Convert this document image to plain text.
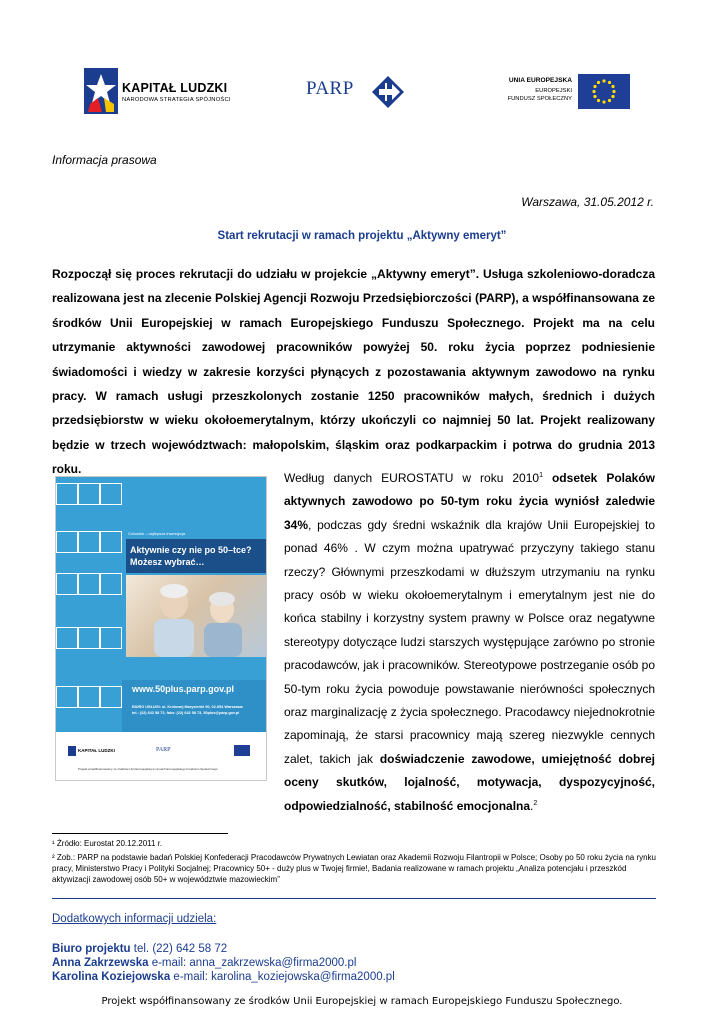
KAPITAŁ LUDZKI
NARODOWA STRATEGIA SPÓJNOŚCI
PARP	UNIA EUROPEJSKA
EUROPEJSKI
FUNDUSZ SPOŁECZNY
Informacja prasowa
Warszawa, 31.05.2012 r.
Start rekrutacji w ramach projektu „Aktywny emeryt”
Rozpoczął się proces rekrutacji do udziału w projekcie „Aktywny emeryt”. Usługa szkoleniowo-doradcza realizowana jest na zlecenie Polskiej Agencji Rozwoju Przedsiębiorczości (PARP), a współfinansowana ze środków Unii Europejskiej w ramach Europejskiego Funduszu Społecznego. Projekt ma na celu utrzymanie aktywności zawodowej pracowników powyżej 50. roku życia poprzez podniesienie świadomości i wiedzy w zakresie korzyści płynących z pozostawania aktywnym zawodowo na rynku pracy. W ramach usługi przeszkolonych zostanie 1250 pracowników małych, średnich i dużych przedsiębiorstw w wieku okołoemerytalnym, którzy ukończyli co najmniej 50 lat. Projekt realizowany będzie w trzech województwach: małopolskim, śląskim oraz podkarpackim i potrwa do grudnia 2013 roku.
Człowiek – najlepsza inwestycja
Aktywnie czy nie po 50–tce?
Możesz wybrać…
www.50plus.parp.gov.pl
BIURO USŁUGI: ul. Królowej Marysieńki 90, 02-954 Warszawa
tel.: (22) 642 58 72, faks: (22) 642 58 73, 50plus@parp.gov.pl
KAPITAŁ LUDZKI	PARP
Projekt współfinansowany ze środków Unii Europejskiej w ramach Europejskiego Funduszu Społecznego
Według danych EUROSTATU w roku 2010$^1$ odsetek Polaków aktywnych zawodowo po 50-tym roku życia wyniósł zaledwie 34%, podczas gdy średni wskaźnik dla krajów Unii Europejskiej to ponad 46% . W czym można upatrywać przyczyny takiego stanu rzeczy? Głównymi przeszkodami w dłuższym utrzymaniu na rynku pracy osób w wieku okołoemerytalnym i emerytalnym jest nie do końca stabilny i korzystny system prawny w Polsce oraz negatywne stereotypy dotyczące ludzi starszych występujące zarówno po stronie pracodawców, jak i pracowników. Stereotypowe postrzeganie osób po 50-tym roku życia powoduje powstawanie nierówności społecznych oraz marginalizację z życia społecznego. Pracodawcy niejednokrotnie zapominają, że starsi pracownicy mają szereg niezwykle cennych zalet, takich jak doświadczenie zawodowe, umiejętność dobrej oceny skutków, lojalność, motywacja, dyspozycyjność, odpowiedzialność, stabilność emocjonalna.$^2$
¹ Źródło: Eurostat 20.12.2011 r.
² Zob.: PARP na podstawie badań Polskiej Konfederacji Pracodawców Prywatnych Lewiatan oraz Akademii Rozwoju Filantropii w Polsce; Osoby po 50 roku życia na rynku pracy, Ministerstwo Pracy i Polityki Socjalnej; Pracownicy 50+ - duży plus w Twojej firmie!, Badania realizowane w ramach projektu „Analiza potencjału i przeszkód aktywizacji zawodowej osób 50+ w województwie mazowieckim”
Dodatkowych informacji udziela:
Biuro projektu tel. (22) 642 58 72
Anna Zakrzewska e-mail: anna_zakrzewska@firma2000.pl
Karolina Koziejowska e-mail: karolina_koziejowska@firma2000.pl
Projekt współfinansowany ze środków Unii Europejskiej w ramach Europejskiego Funduszu Społecznego.
